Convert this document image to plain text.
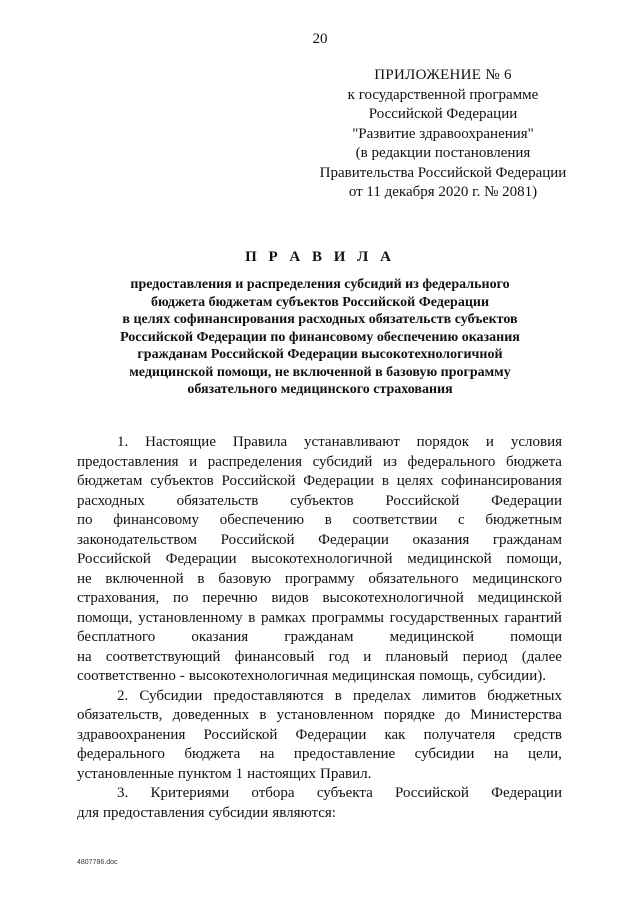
20
ПРИЛОЖЕНИЕ № 6
к государственной программе
Российской Федерации
"Развитие здравоохранения"
(в редакции постановления
Правительства Российской Федерации
от 11 декабря 2020 г. № 2081)
П Р А В И Л А
предоставления и распределения субсидий из федерального
бюджета бюджетам субъектов Российской Федерации
в целях софинансирования расходных обязательств субъектов
Российской Федерации по финансовому обеспечению оказания
гражданам Российской Федерации высокотехнологичной
медицинской помощи, не включенной в базовую программу
обязательного медицинского страхования
1. Настоящие Правила устанавливают порядок и условия
предоставления и распределения субсидий из федерального бюджета
бюджетам субъектов Российской Федерации в целях софинансирования
расходных обязательств субъектов Российской Федерации
по финансовому обеспечению в соответствии с бюджетным
законодательством Российской Федерации оказания гражданам
Российской Федерации высокотехнологичной медицинской помощи,
не включенной в базовую программу обязательного медицинского
страхования, по перечню видов высокотехнологичной медицинской
помощи, установленному в рамках программы государственных гарантий
бесплатного оказания гражданам медицинской помощи
на соответствующий финансовый год и плановый период (далее
соответственно - высокотехнологичная медицинская помощь, субсидии).
2. Субсидии предоставляются в пределах лимитов бюджетных
обязательств, доведенных в установленном порядке до Министерства
здравоохранения Российской Федерации как получателя средств
федерального бюджета на предоставление субсидии на цели,
установленные пунктом 1 настоящих Правил.
3. Критериями отбора субъекта Российской Федерации
для предоставления субсидии являются:
4807786.doc
